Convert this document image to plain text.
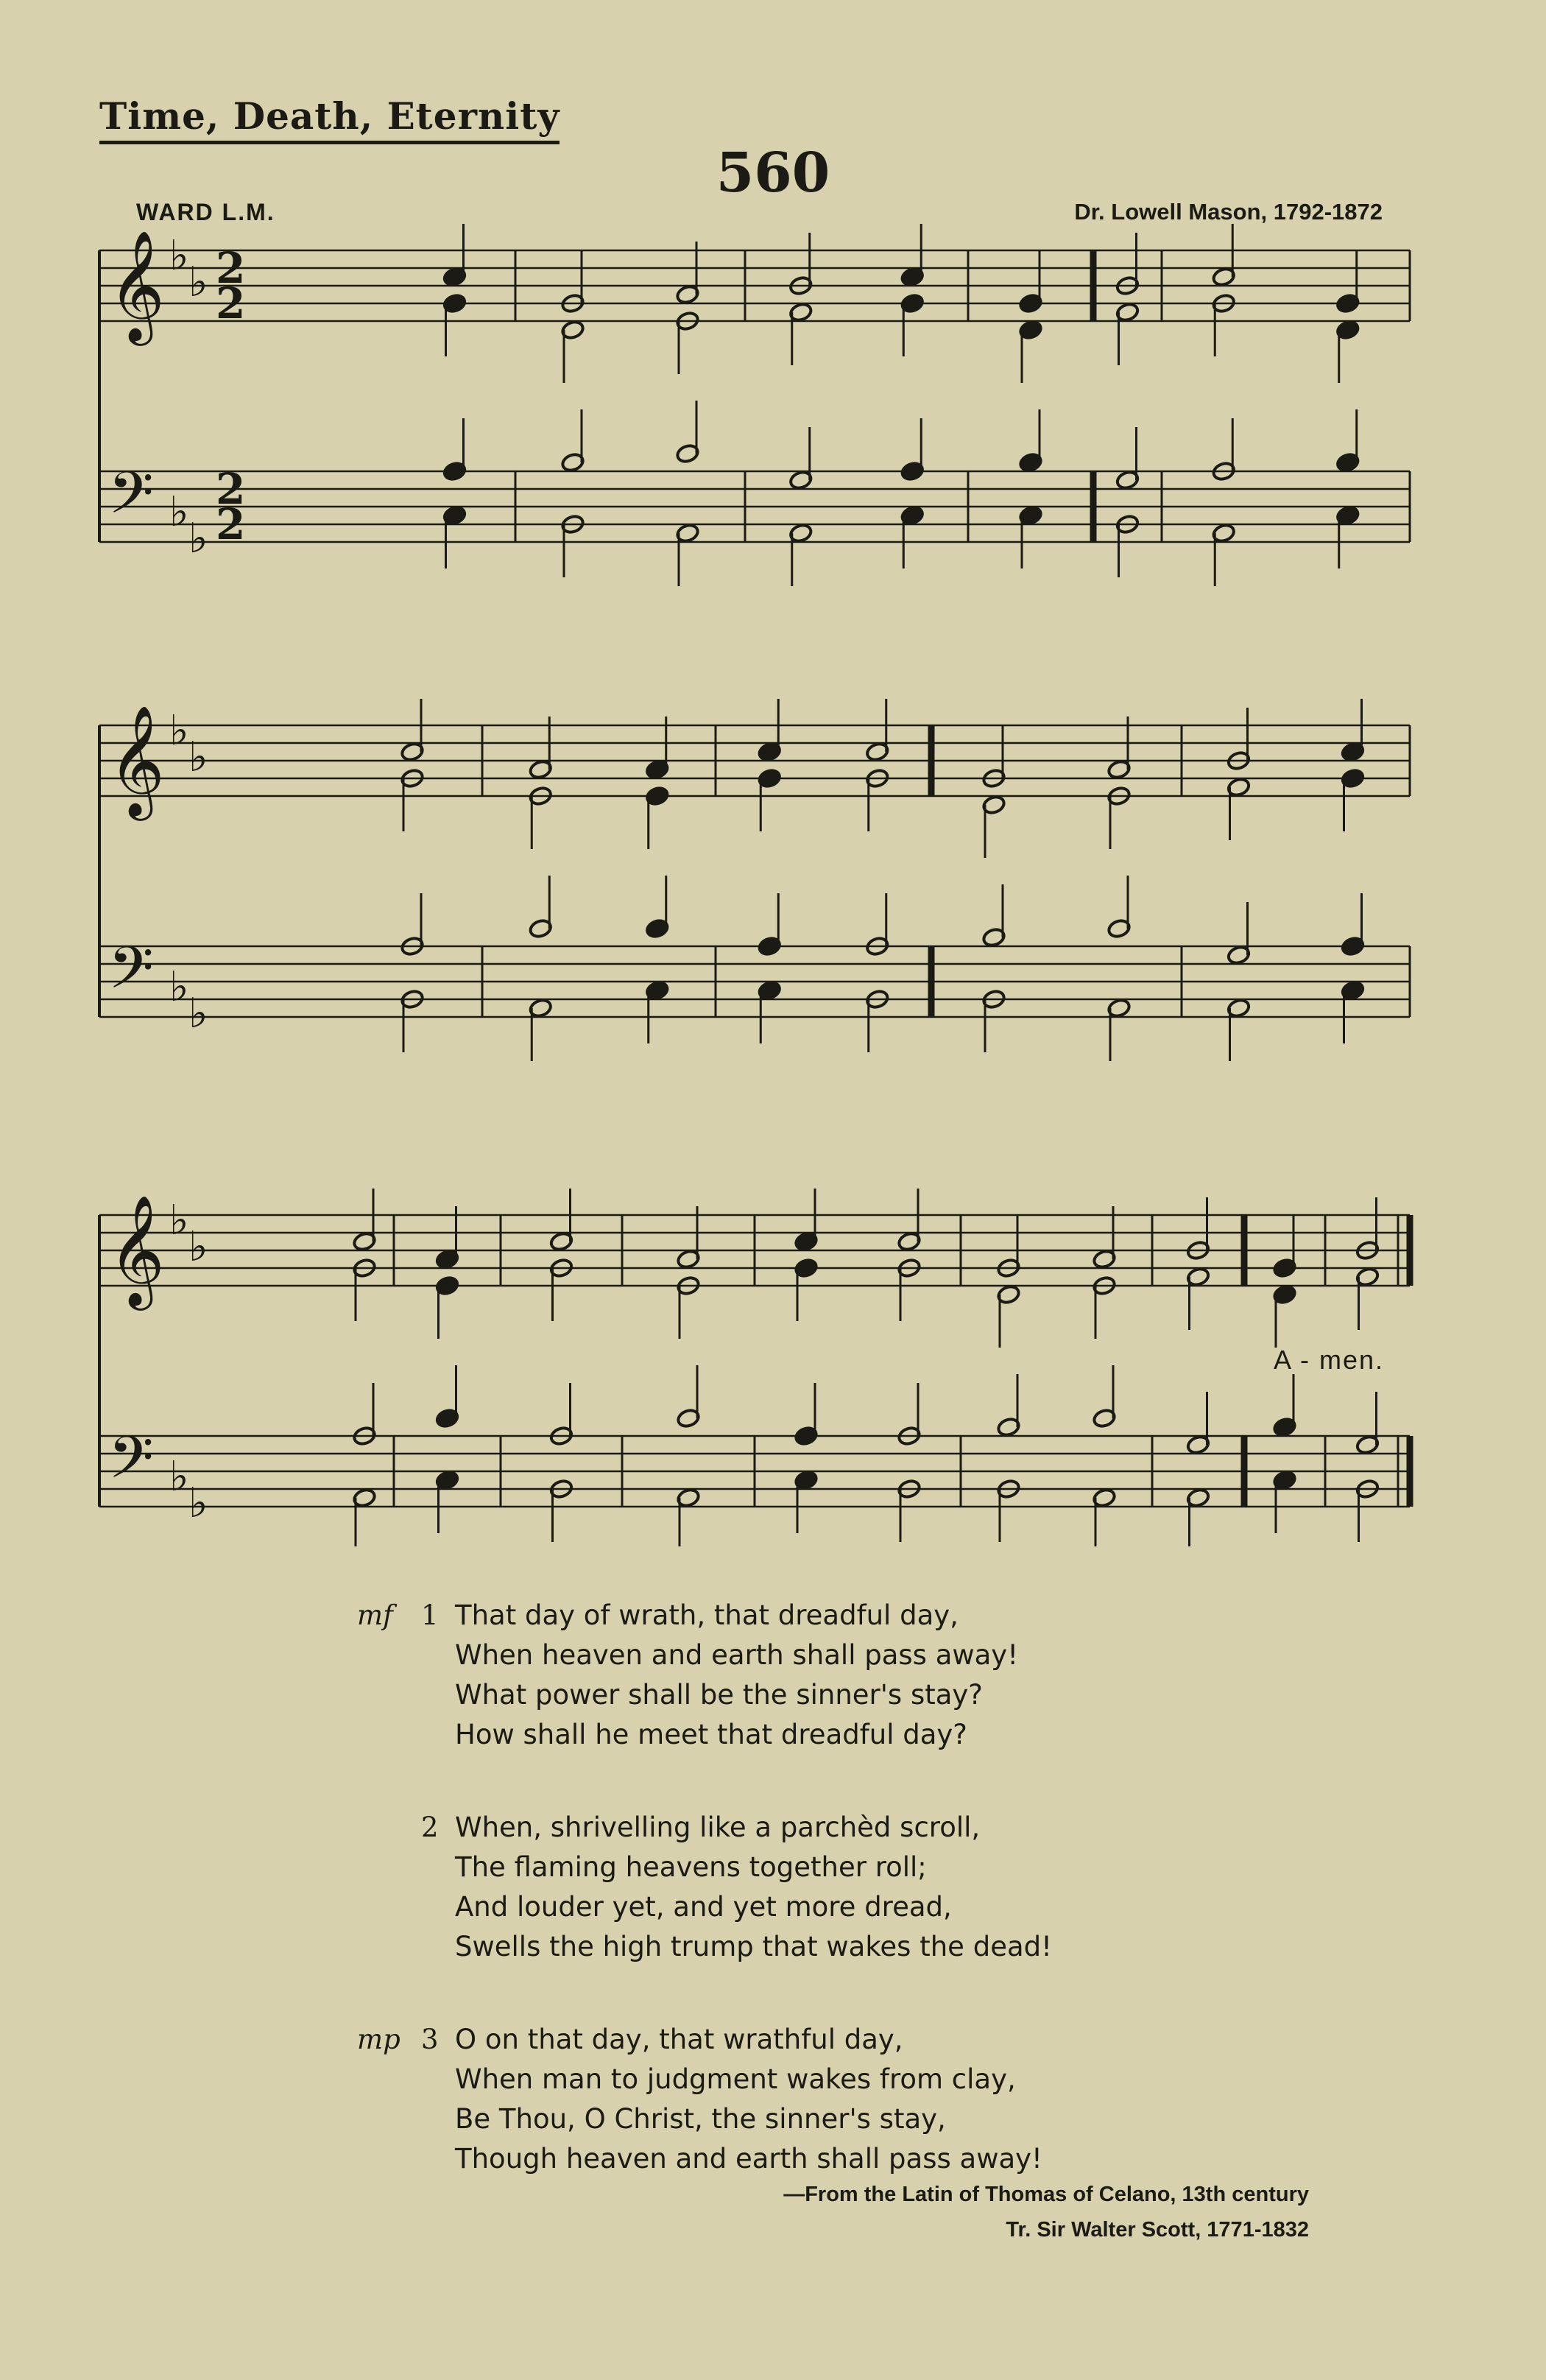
Time, Death, Eternity
560
WARD L.M.	Dr. Lowell Mason, 1792-1872
𝄞 ♭
♭ 2
2
𝄢 ♭
♭
2
2
𝄞 ♭
♭
𝄢 ♭
♭
𝄞 ♭
♭
𝄢 ♭
♭
A - men.
mf 1 That day of wrath, that dreadful day,
When heaven and earth shall pass away!
What power shall be the sinner's stay?
How shall he meet that dreadful day?
2 When, shrivelling like a parchèd scroll,
The flaming heavens together roll;
And louder yet, and yet more dread,
Swells the high trump that wakes the dead!
mp 3 O on that day, that wrathful day,
When man to judgment wakes from clay,
Be Thou, O Christ, the sinner's stay,
Though heaven and earth shall pass away!
—From the Latin of Thomas of Celano, 13th century
Tr. Sir Walter Scott, 1771-1832
